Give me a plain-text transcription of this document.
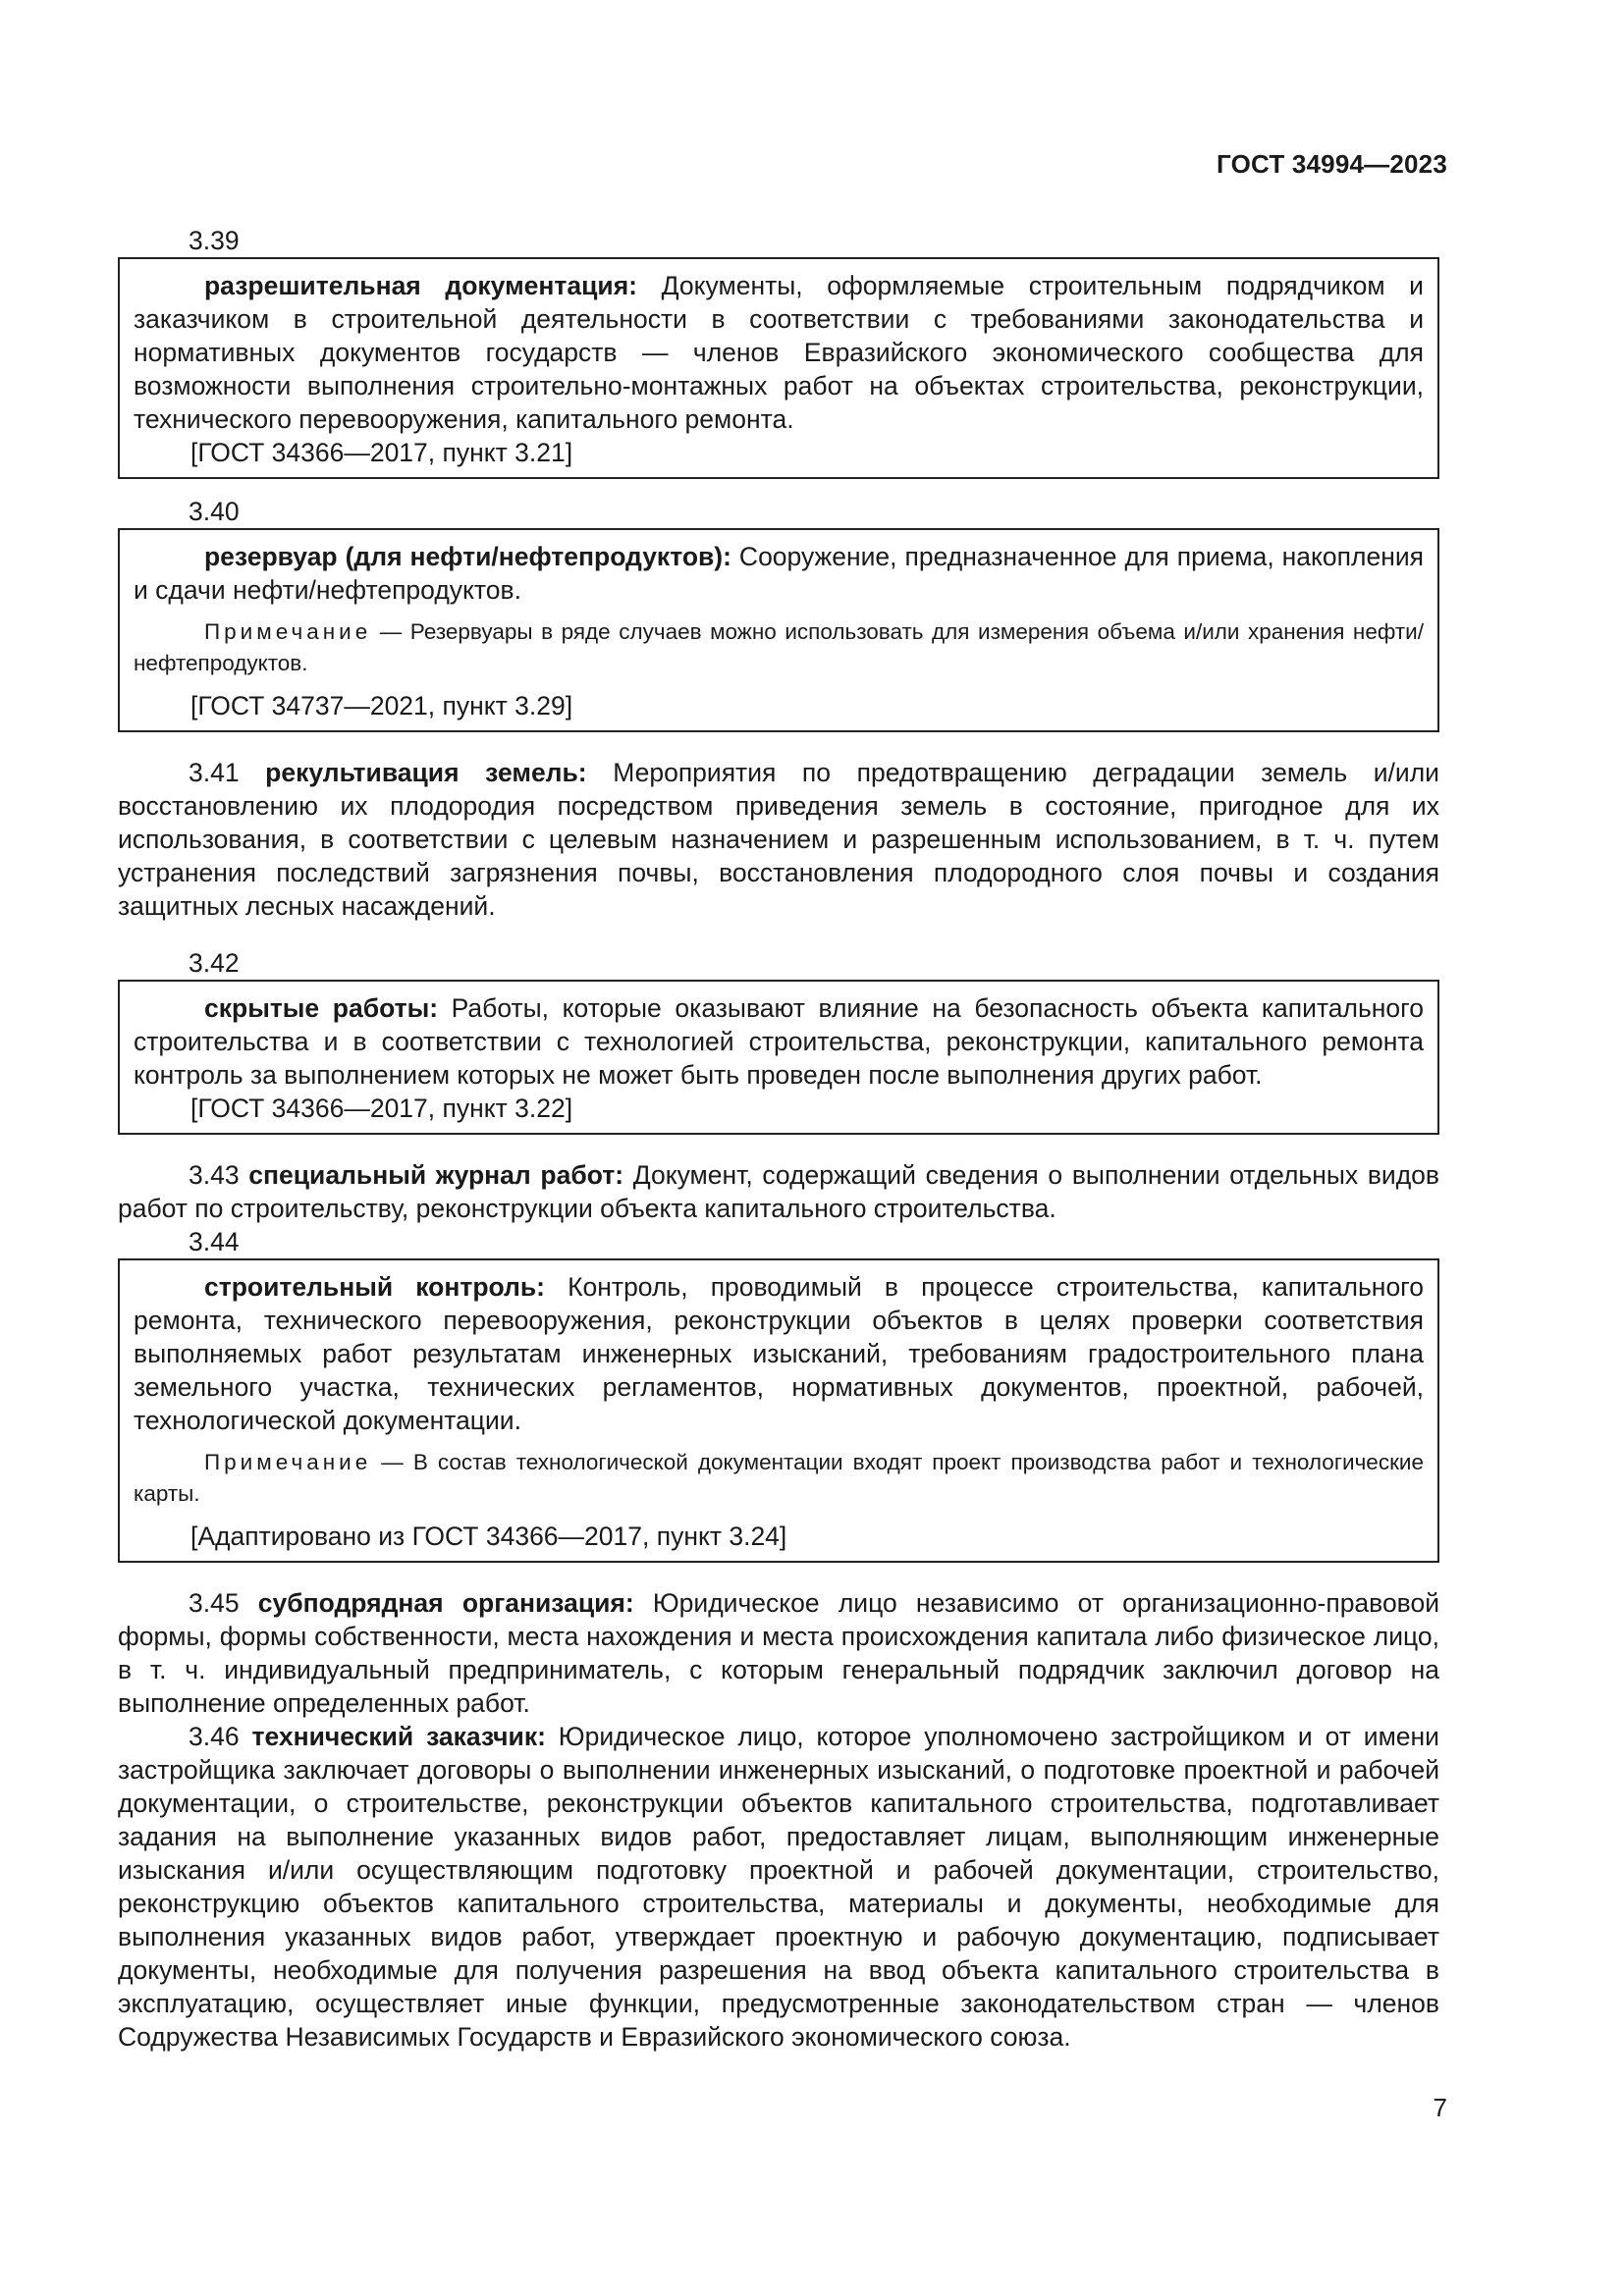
ГОСТ 34994—2023
3.39

разрешительная документация: Документы, оформляемые строительным подрядчиком и заказчиком в строительной деятельности в соответствии с требованиями законодательства и нормативных документов государств — членов Евразийского экономического сообщества для возможности выполнения строительно-монтажных работ на объектах строительства, реконструкции, технического перевооружения, капитального ремонта.

[ГОСТ 34366—2017, пункт 3.21]

3.40

резервуар (для нефти/нефтепродуктов): Сооружение, предназначенное для приема, накопления и сдачи нефти/нефтепродуктов.

Примечание — Резервуары в ряде случаев можно использовать для измерения объема и/или хранения нефти/нефтепродуктов.

[ГОСТ 34737—2021, пункт 3.29]

3.41 рекультивация земель: Мероприятия по предотвращению деградации земель и/или восстановлению их плодородия посредством приведения земель в состояние, пригодное для их использования, в соответствии с целевым назначением и разрешенным использованием, в т. ч. путем устранения последствий загрязнения почвы, восстановления плодородного слоя почвы и создания защитных лесных насаждений.

3.42

скрытые работы: Работы, которые оказывают влияние на безопасность объекта капитального строительства и в соответствии с технологией строительства, реконструкции, капитального ремонта контроль за выполнением которых не может быть проведен после выполнения других работ.

[ГОСТ 34366—2017, пункт 3.22]

3.43 специальный журнал работ: Документ, содержащий сведения о выполнении отдельных видов работ по строительству, реконструкции объекта капитального строительства.

3.44

строительный контроль: Контроль, проводимый в процессе строительства, капитального ремонта, технического перевооружения, реконструкции объектов в целях проверки соответствия выполняемых работ результатам инженерных изысканий, требованиям градостроительного плана земельного участка, технических регламентов, нормативных документов, проектной, рабочей, технологической документации.

Примечание — В состав технологической документации входят проект производства работ и технологические карты.

[Адаптировано из ГОСТ 34366—2017, пункт 3.24]

3.45 субподрядная организация: Юридическое лицо независимо от организационно-правовой формы, формы собственности, места нахождения и места происхождения капитала либо физическое лицо, в т. ч. индивидуальный предприниматель, с которым генеральный подрядчик заключил договор на выполнение определенных работ.

3.46 технический заказчик: Юридическое лицо, которое уполномочено застройщиком и от имени застройщика заключает договоры о выполнении инженерных изысканий, о подготовке проектной и рабочей документации, о строительстве, реконструкции объектов капитального строительства, подготавливает задания на выполнение указанных видов работ, предоставляет лицам, выполняющим инженерные изыскания и/или осуществляющим подготовку проектной и рабочей документации, строительство, реконструкцию объектов капитального строительства, материалы и документы, необходимые для выполнения указанных видов работ, утверждает проектную и рабочую документацию, подписывает документы, необходимые для получения разрешения на ввод объекта капитального строительства в эксплуатацию, осуществляет иные функции, предусмотренные законодательством стран — членов Содружества Независимых Государств и Евразийского экономического союза.

7
